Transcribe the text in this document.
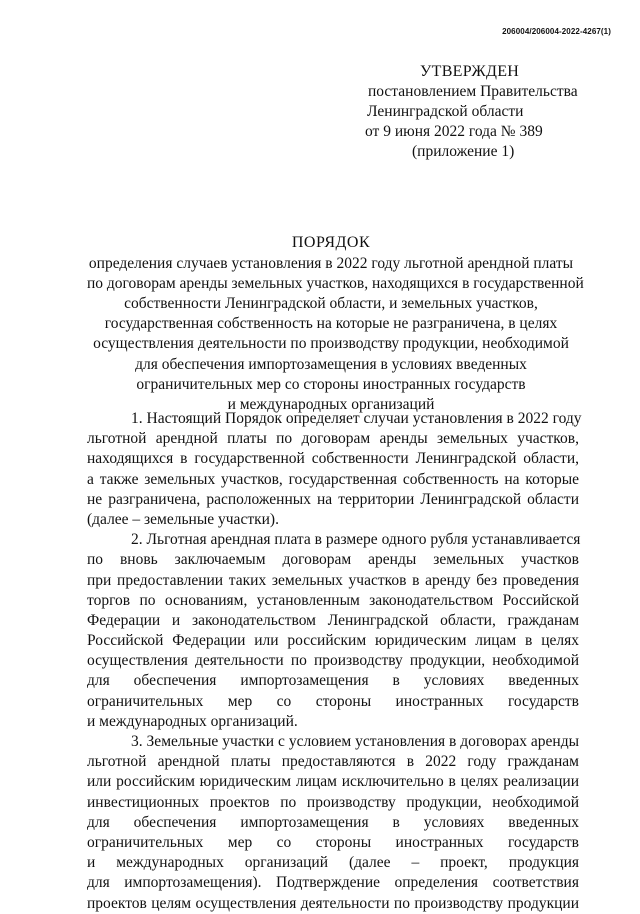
206004/206004-2022-4267(1)
УТВЕРЖДЕН
постановлением Правительства
Ленинградской области
от 9 июня 2022 года № 389
(приложение 1)
ПОРЯДОК
определения случаев установления в 2022 году льготной арендной платы
по договорам аренды земельных участков, находящихся в государственной
собственности Ленинградской области, и земельных участков,
государственная собственность на которые не разграничена, в целях
осуществления деятельности по производству продукции, необходимой
для обеспечения импортозамещения в условиях введенных
ограничительных мер со стороны иностранных государств
и международных организаций
1. Настоящий Порядок определяет случаи установления в 2022 году
льготной арендной платы по договорам аренды земельных участков,
находящихся в государственной собственности Ленинградской области,
а также земельных участков, государственная собственность на которые
не разграничена, расположенных на территории Ленинградской области
(далее – земельные участки).
2. Льготная арендная плата в размере одного рубля устанавливается
по вновь заключаемым договорам аренды земельных участков
при предоставлении таких земельных участков в аренду без проведения
торгов по основаниям, установленным законодательством Российской
Федерации и законодательством Ленинградской области, гражданам
Российской Федерации или российским юридическим лицам в целях
осуществления деятельности по производству продукции, необходимой
для обеспечения импортозамещения в условиях введенных
ограничительных мер со стороны иностранных государств
и международных организаций.
3. Земельные участки с условием установления в договорах аренды
льготной арендной платы предоставляются в 2022 году гражданам
или российским юридическим лицам исключительно в целях реализации
инвестиционных проектов по производству продукции, необходимой
для обеспечения импортозамещения в условиях введенных
ограничительных мер со стороны иностранных государств
и международных организаций (далее – проект, продукция
для импортозамещения). Подтверждение определения соответствия
проектов целям осуществления деятельности по производству продукции
